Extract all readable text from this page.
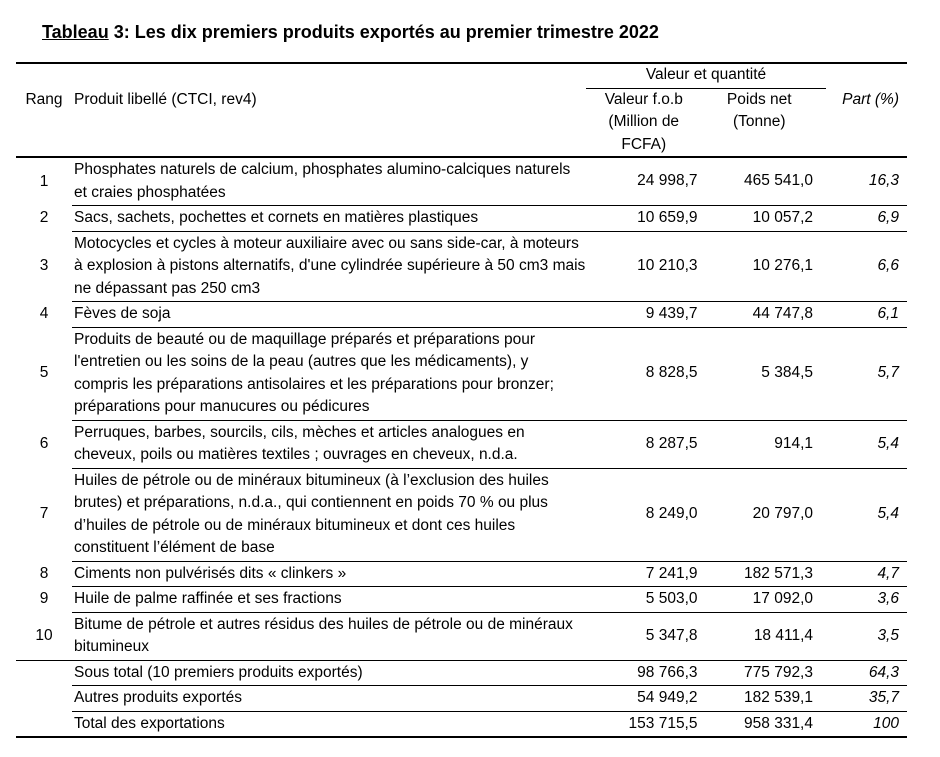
Tableau 3: Les dix premiers produits exportés au premier trimestre 2022
		Valeur et quantité		
Rang	Produit libellé (CTCI, rev4)	Valeur f.o.b	Poids net	Part (%)
		(Million de FCFA)	(Tonne)	
1	Phosphates naturels de calcium, phosphates alumino-calciques naturels et craies phosphatées	24 998,7	465 541,0	16,3
2	Sacs, sachets, pochettes et cornets en matières plastiques	10 659,9	10 057,2	6,9
3	Motocycles et cycles à moteur auxiliaire avec ou sans side-car, à moteurs à explosion à pistons alternatifs, d'une cylindrée supérieure à 50 cm3 mais ne dépassant pas 250 cm3	10 210,3	10 276,1	6,6
4	Fèves de soja	9 439,7	44 747,8	6,1
5	Produits de beauté ou de maquillage préparés et préparations pour l'entretien ou les soins de la peau (autres que les médicaments), y compris les préparations antisolaires et les préparations pour bronzer; préparations pour manucures ou pédicures	8 828,5	5 384,5	5,7
6	Perruques, barbes, sourcils, cils, mèches et articles analogues en cheveux, poils ou matières textiles ; ouvrages en cheveux, n.d.a.	8 287,5	914,1	5,4
7	Huiles de pétrole ou de minéraux bitumineux (à l’exclusion des huiles brutes) et préparations, n.d.a., qui contiennent en poids 70 % ou plus d’huiles de pétrole ou de minéraux bitumineux et dont ces huiles constituent l’élément de base	8 249,0	20 797,0	5,4
8	Ciments non pulvérisés dits « clinkers »	7 241,9	182 571,3	4,7
9	Huile de palme raffinée et ses fractions	5 503,0	17 092,0	3,6
10	Bitume de pétrole et autres résidus des huiles de pétrole ou de minéraux bitumineux	5 347,8	18 411,4	3,5
	Sous total (10 premiers produits exportés)	98 766,3	775 792,3	64,3
	Autres produits exportés	54 949,2	182 539,1	35,7
	Total des exportations	153 715,5	958 331,4	100
